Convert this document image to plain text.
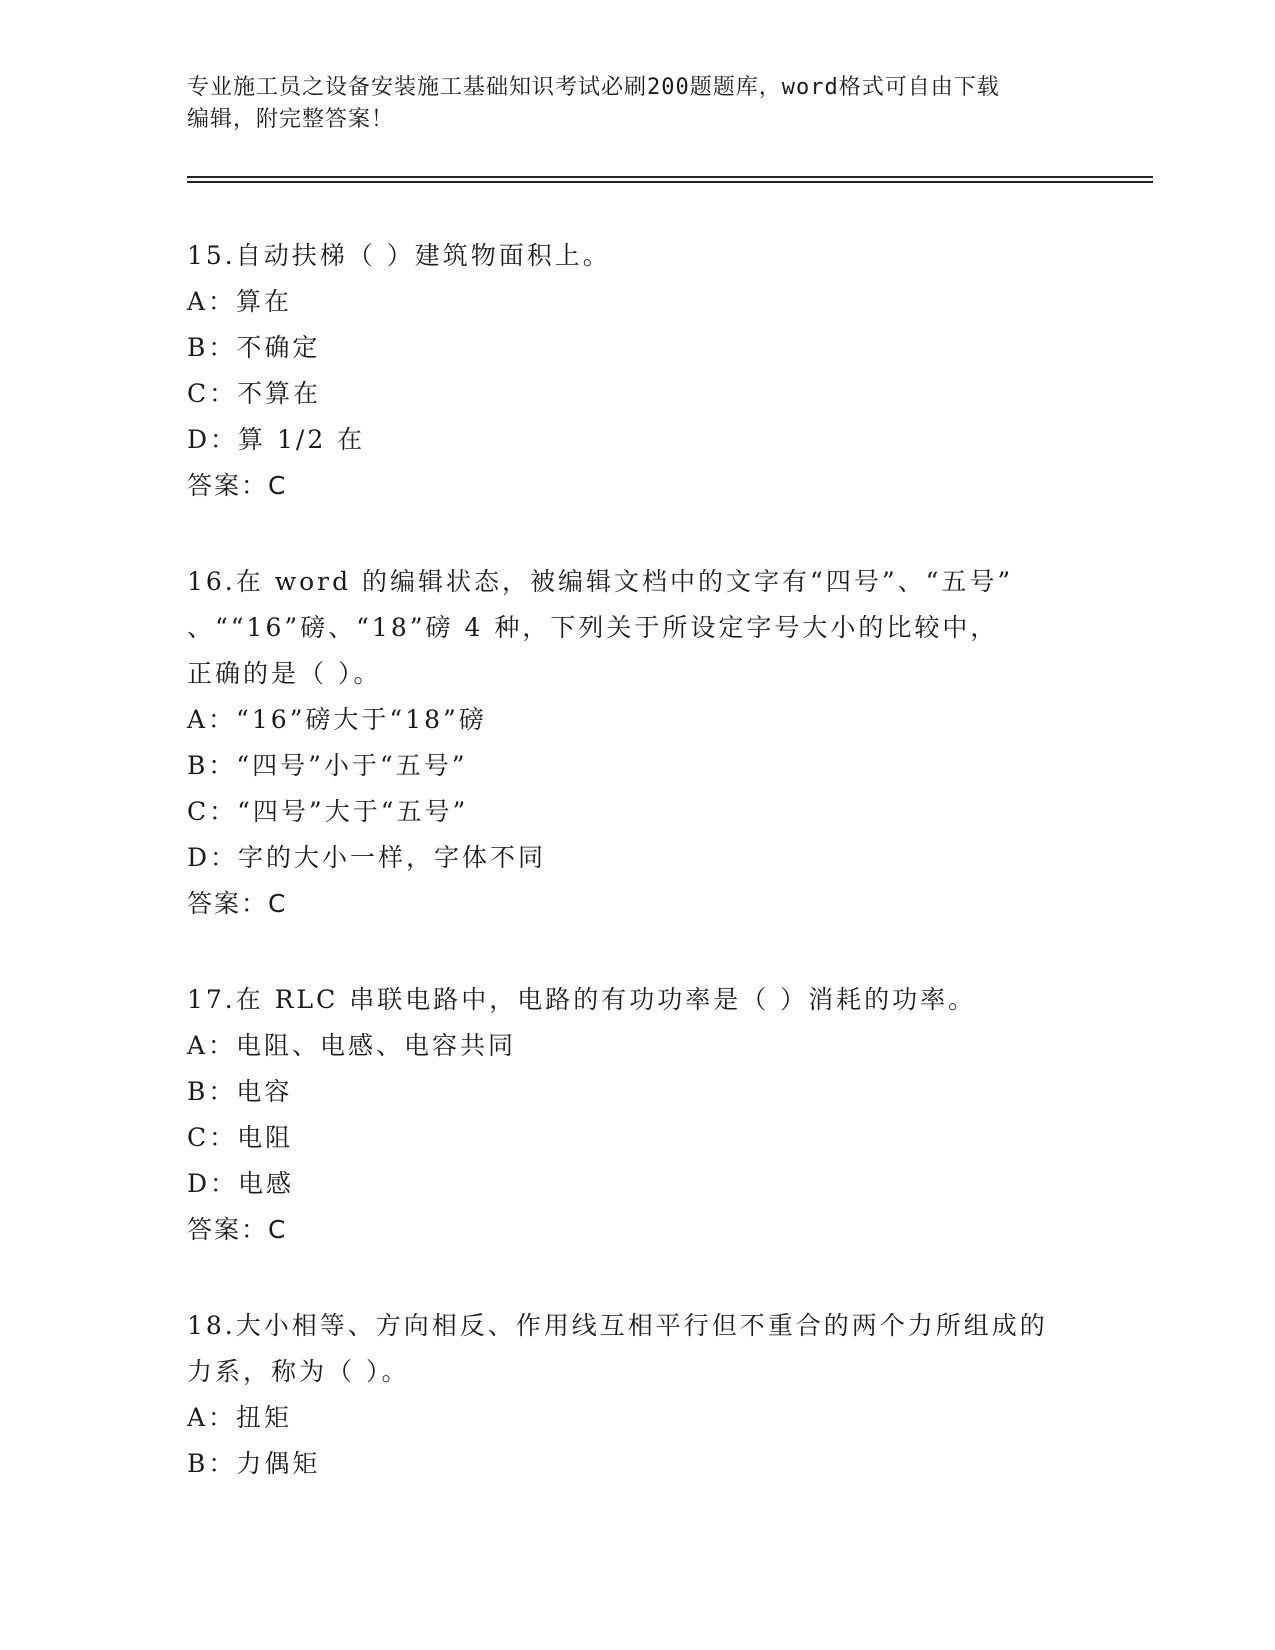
专业施工员之设备安装施工基础知识考试必刷200题题库，word格式可自由下载
编辑，附完整答案！
15.自动扶梯（ ）建筑物面积上。
A：算在
B：不确定
C：不算在
D：算 1/2 在
答案：C
16.在 word 的编辑状态，被编辑文档中的文字有“四号”、“五号”
、““16”磅、“18”磅 4 种，下列关于所设定字号大小的比较中，
正确的是（ ）。
A：“16”磅大于“18”磅
B：“四号”小于“五号”
C：“四号”大于“五号”
D：字的大小一样，字体不同
答案：C
17.在 RLC 串联电路中，电路的有功功率是（ ）消耗的功率。
A：电阻、电感、电容共同
B：电容
C：电阻
D：电感
答案：C
18.大小相等、方向相反、作用线互相平行但不重合的两个力所组成的
力系，称为（ ）。
A：扭矩
B：力偶矩
